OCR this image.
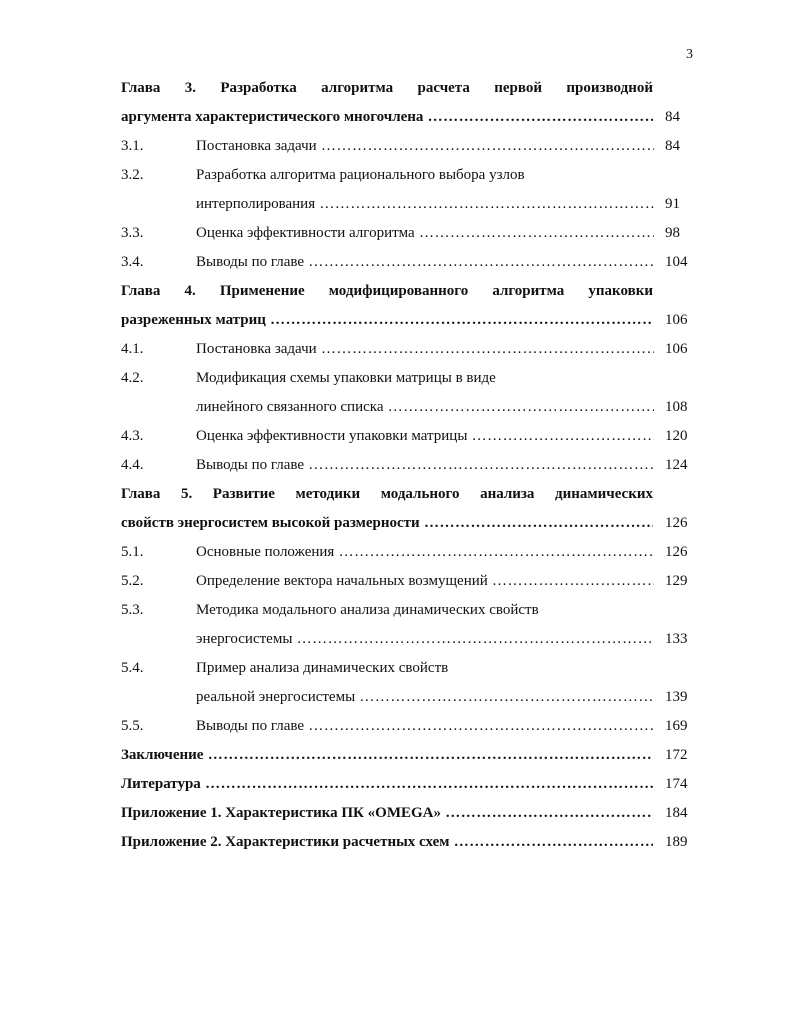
3
Глава 3. Разработка алгоритма расчета первой производной
аргумента характеристического многочлена ……………………………………………………………………………………………………………………	84
3.1.	Постановка задачи ……………………………………………………………………………………………………………………	84
3.2.	Разработка алгоритма рационального выбора узлов
интерполирования ……………………………………………………………………………………………………………………	91
3.3.	Оценка эффективности алгоритма ……………………………………………………………………………………………………………………	98
3.4.	Выводы по главе ……………………………………………………………………………………………………………………	104
Глава 4. Применение модифицированного алгоритма упаковки
разреженных матриц ……………………………………………………………………………………………………………………	106
4.1.	Постановка задачи ……………………………………………………………………………………………………………………	106
4.2.	Модификация схемы упаковки матрицы в виде
линейного связанного списка ……………………………………………………………………………………………………………………	108
4.3.	Оценка эффективности упаковки матрицы ……………………………………………………………………………………………………………………	120
4.4.	Выводы по главе ……………………………………………………………………………………………………………………	124
Глава 5. Развитие методики модального анализа динамических
свойств энергосистем высокой размерности ……………………………………………………………………………………………………………………	126
5.1.	Основные положения ……………………………………………………………………………………………………………………	126
5.2.	Определение вектора начальных возмущений ……………………………………………………………………………………………………………………	129
5.3.	Методика модального анализа динамических свойств
энергосистемы ……………………………………………………………………………………………………………………	133
5.4.	Пример анализа динамических свойств
реальной энергосистемы ……………………………………………………………………………………………………………………	139
5.5.	Выводы по главе ……………………………………………………………………………………………………………………	169
Заключение ……………………………………………………………………………………………………………………	172
Литература ……………………………………………………………………………………………………………………	174
Приложение 1. Характеристика ПК «OMEGA» ……………………………………………………………………………………………………………………	184
Приложение 2. Характеристики расчетных схем ……………………………………………………………………………………………………………………	189
